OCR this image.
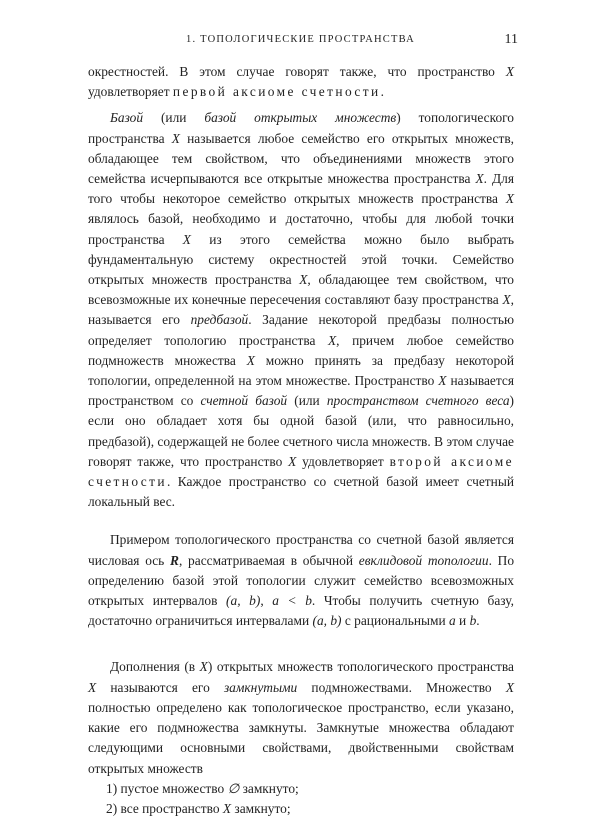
1. ТОПОЛОГИЧЕСКИЕ ПРОСТРАНСТВА	11

окрестностей. В этом случае говорят также, что пространство X удовлетворяет первой аксиоме счетности.

Базой (или базой открытых множеств) топологического пространства X называется любое семейство его открытых множеств, обладающее тем свойством, что объединениями множеств этого семейства исчерпываются все открытые множества пространства X. Для того чтобы некоторое семейство открытых множеств пространства X являлось базой, необходимо и достаточно, чтобы для любой точки пространства X из этого семейства можно было выбрать фундаментальную систему окрестностей этой точки. Семейство открытых множеств пространства X, обладающее тем свойством, что всевозможные их конечные пересечения составляют базу пространства X, называется его предбазой. Задание некоторой предбазы полностью определяет топологию пространства X, причем любое семейство подмножеств множества X можно принять за предбазу некоторой топологии, определенной на этом множестве. Пространство X называется пространством со счетной базой (или пространством счетного веса) если оно обладает хотя бы одной базой (или, что равносильно, предбазой), содержащей не более счетного числа множеств. В этом случае говорят также, что пространство X удовлетворяет второй аксиоме счетности. Каждое пространство со счетной базой имеет счетный локальный вес.

Примером топологического пространства со счетной базой является числовая ось R, рассматриваемая в обычной евклидовой топологии. По определению базой этой топологии служит семейство всевозможных открытых интервалов (a, b), a < b. Чтобы получить счетную базу, достаточно ограничиться интервалами (a, b) с рациональными a и b.

Дополнения (в X) открытых множеств топологического пространства X называются его замкнутыми подмножествами. Множество X полностью определено как топологическое пространство, если указано, какие его подмножества замкнуты. Замкнутые множества обладают следующими основными свойствами, двойственными свойствам открытых множеств

1) пустое множество ∅ замкнуто;

2) все пространство X замкнуто;
